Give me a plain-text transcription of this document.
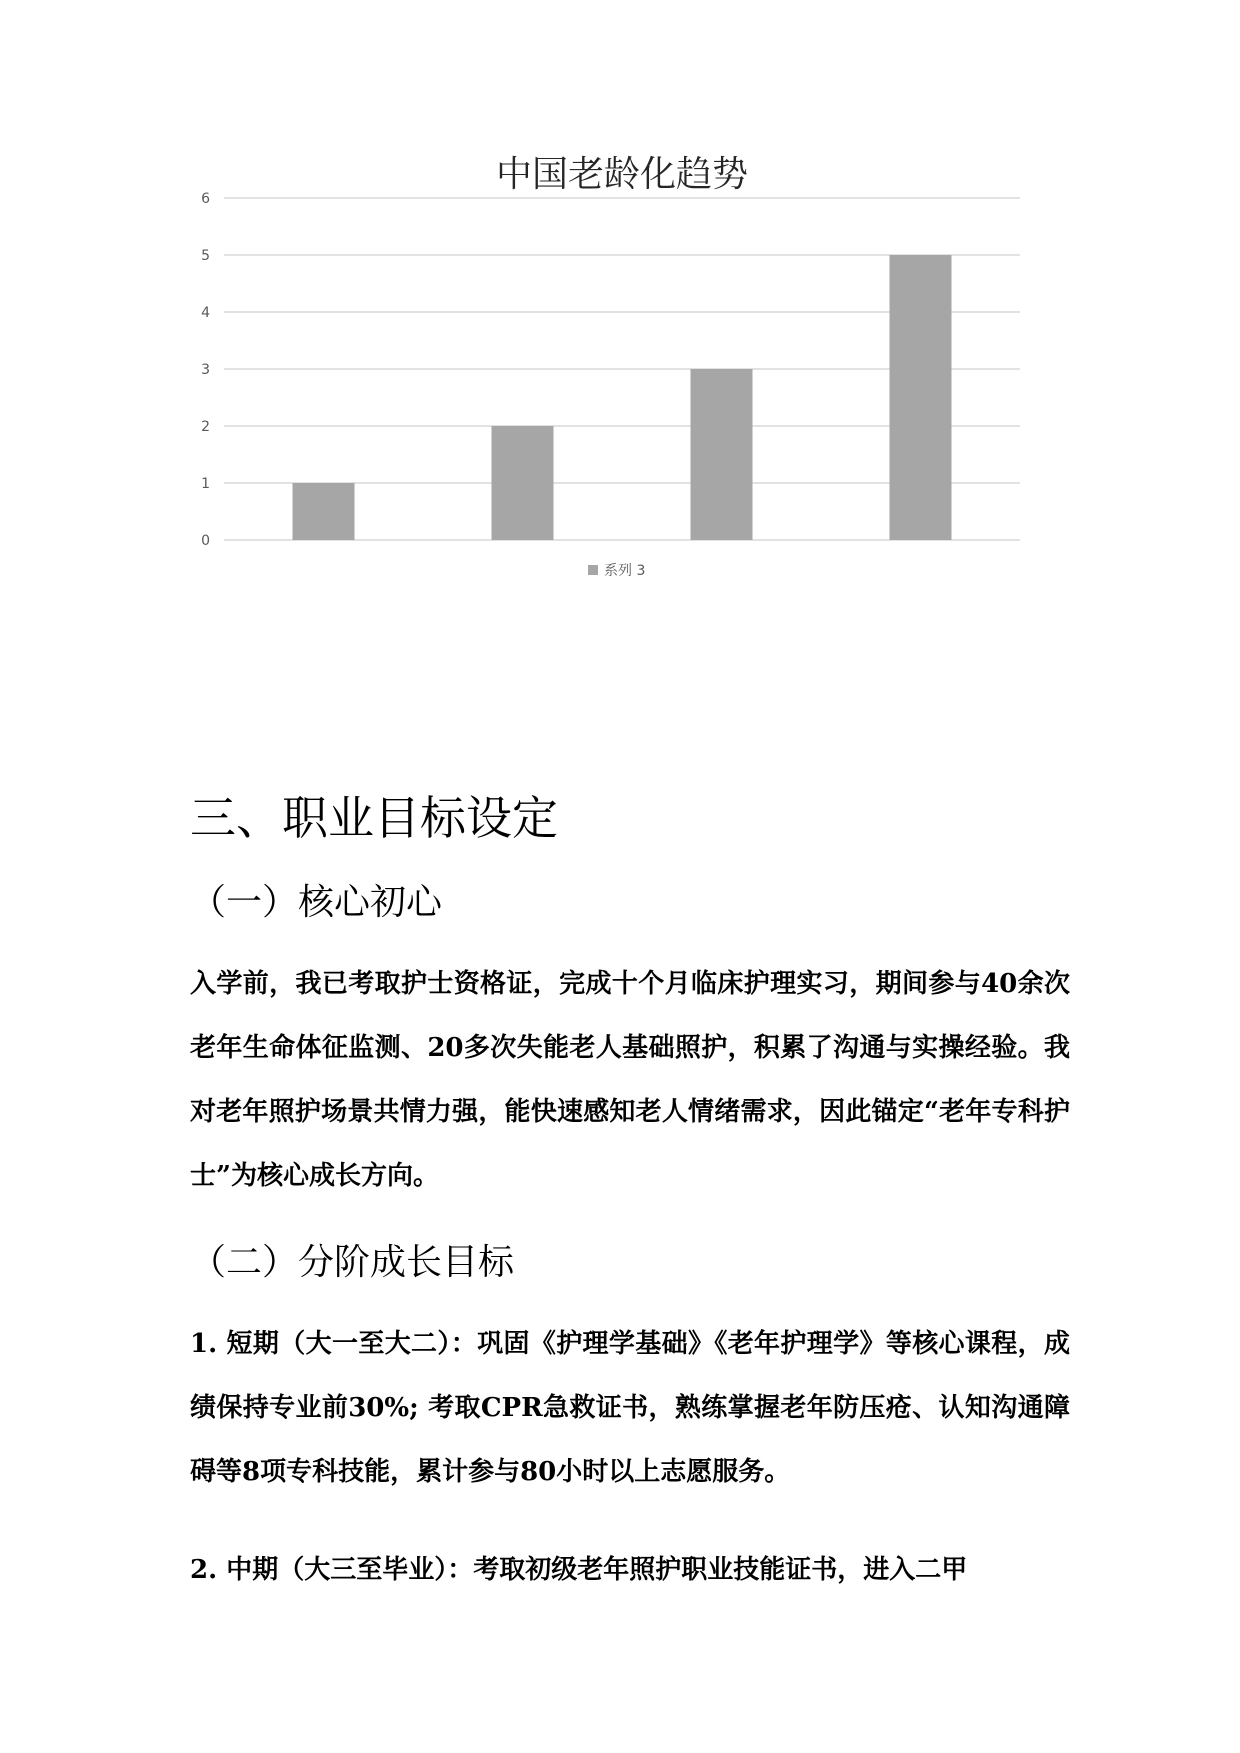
中国老龄化趋势
0
1
2
3
4
5
6
系列 3
三、职业目标设定
（一）核心初心

入学前，我已考取护士资格证，完成十个月临床护理实习，期间参与40余次老年生命体征监测、20多次失能老人基础照护，积累了沟通与实操经验。我对老年照护场景共情力强，能快速感知老人情绪需求，因此锚定“老年专科护士”为核心成长方向。

（二）分阶成长目标

1. 短期（大一至大二）：巩固《护理学基础》《老年护理学》等核心课程，成绩保持专业前30%; 考取CPR急救证书，熟练掌握老年防压疮、认知沟通障碍等8项专科技能，累计参与80小时以上志愿服务。

2. 中期（大三至毕业）：考取初级老年照护职业技能证书，进入二甲
